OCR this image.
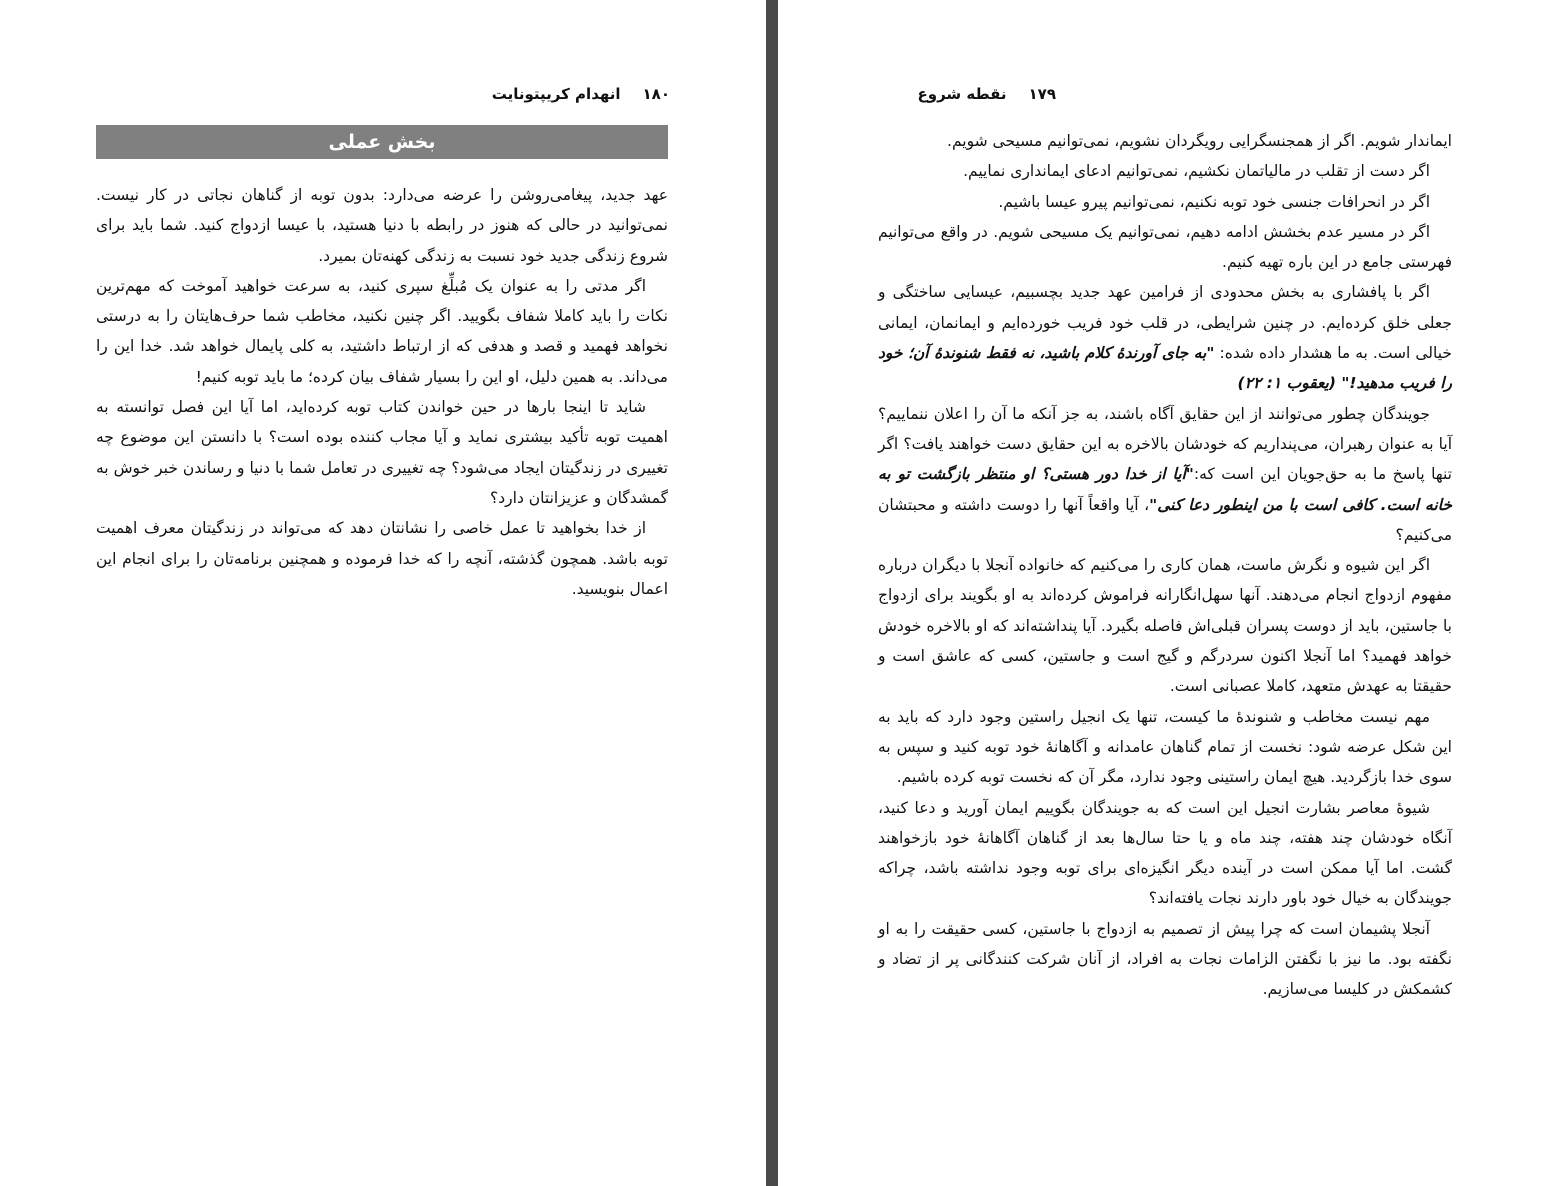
۱۸۰
انهدام کریپتونایت
بخش عملی

عهد جدید، پیغامی‌روشن را عرضه می‌دارد: بدون توبه از گناهان نجاتی در کار نیست. نمی‌توانید در حالی که هنوز در رابطه با دنیا هستید، با عیسا ازدواج کنید. شما باید برای شروع زندگی جدید خود نسبت به زندگی کهنه‌تان بمیرد.

اگر مدتی را به عنوان یک مُبلِّغ سپری کنید، به سرعت خواهید آموخت که مهم‌ترین نکات را باید کاملا شفاف بگویید. اگر چنین نکنید، مخاطب شما حرف‌هایتان را به درستی نخواهد فهمید و قصد و هدفی که از ارتباط داشتید، به کلی پایمال خواهد شد. خدا این را می‌داند. به همین دلیل، او این را بسیار شفاف بیان کرده؛ ما باید توبه کنیم!

شاید تا اینجا بارها در حین خواندن کتاب توبه کرده‌اید، اما آیا این فصل توانسته به اهمیت توبه تأکید بیشتری نماید و آیا مجاب کننده بوده است؟ با دانستن این موضوع چه تغییری در زندگیتان ایجاد می‌شود؟ چه تغییری در تعامل شما با دنیا و رساندن خبر خوش به گمشدگان و عزیزانتان دارد؟

از خدا بخواهید تا عمل خاصی را نشانتان دهد که می‌تواند در زندگیتان معرف اهمیت توبه باشد. همچون گذشته، آنچه را که خدا فرموده و همچنین برنامه‌تان را برای انجام این اعمال بنویسید.

۱۷۹
نقطه شروع

ایماندار شویم. اگر از همجنسگرایی رویگردان نشویم، نمی‌توانیم مسیحی شویم.

اگر دست از تقلب در مالیاتمان نکشیم، نمی‌توانیم ادعای ایمانداری نماییم.

اگر در انحرافات جنسی خود توبه نکنیم، نمی‌توانیم پیرو عیسا باشیم.

اگر در مسیر عدم بخشش ادامه دهیم، نمی‌توانیم یک مسیحی شویم. در واقع می‌توانیم فهرستی جامع در این باره تهیه کنیم.

اگر با پافشاری به بخش محدودی از فرامین عهد جدید بچسبیم، عیسایی ساختگی و جعلی خلق کرده‌ایم. در چنین شرایطی، در قلب خود فریب خورده‌ایم و ایمانمان، ایمانی خیالی است. به ما هشدار داده شده: "به جای آورندهٔ کلام باشید، نه فقط شنوندهٔ آن؛ خود را فریب مدهید!" (یعقوب ۱: ۲۲)

جویندگان چطور می‌توانند از این حقایق آگاه باشند، به جز آنکه ما آن را اعلان ننماییم؟ آیا به عنوان رهبران، می‌پنداریم که خودشان بالاخره به این حقایق دست خواهند یافت؟ اگر تنها پاسخ ما به حق‌جویان این است که:"آیا از خدا دور هستی؟ او منتظر بازگشت تو به خانه است. کافی است با من اینطور دعا کنی"، آیا واقعاً آنها را دوست داشته و محبتشان می‌کنیم؟

اگر این شیوه و نگرش ماست، همان کاری را می‌کنیم که خانواده آنجلا با دیگران درباره مفهوم ازدواج انجام می‌دهند. آنها سهل‌انگارانه فراموش کرده‌اند به او بگویند برای ازدواج با جاستین، باید از دوست پسران قبلی‌اش فاصله بگیرد. آیا پنداشته‌اند که او بالاخره خودش خواهد فهمید؟ اما آنجلا اکنون سردرگم و گیج است و جاستین، کسی که عاشق است و حقیقتا به عهدش متعهد، کاملا عصبانی است.

مهم نیست مخاطب و شنوندهٔ ما کیست، تنها یک انجیل راستین وجود دارد که باید به این شکل عرضه شود: نخست از تمام گناهان عامدانه و آگاهانهٔ خود توبه کنید و سپس به سوی خدا بازگردید. هیچ ایمان راستینی وجود ندارد، مگر آن که نخست توبه کرده باشیم.

شیوهٔ معاصر بشارت انجیل این است که به جویندگان بگوییم ایمان آورید و دعا کنید، آنگاه خودشان چند هفته، چند ماه و یا حتا سال‌ها بعد از گناهان آگاهانهٔ خود بازخواهند گشت. اما آیا ممکن است در آینده دیگر انگیزه‌ای برای توبه وجود نداشته باشد، چراکه جویندگان به خیال خود باور دارند نجات یافته‌اند؟

آنجلا پشیمان است که چرا پیش از تصمیم به ازدواج با جاستین، کسی حقیقت را به او نگفته بود. ما نیز با نگفتن الزامات نجات به افراد، از آنان شرکت کنندگانی پر از تضاد و کشمکش در کلیسا می‌سازیم.
